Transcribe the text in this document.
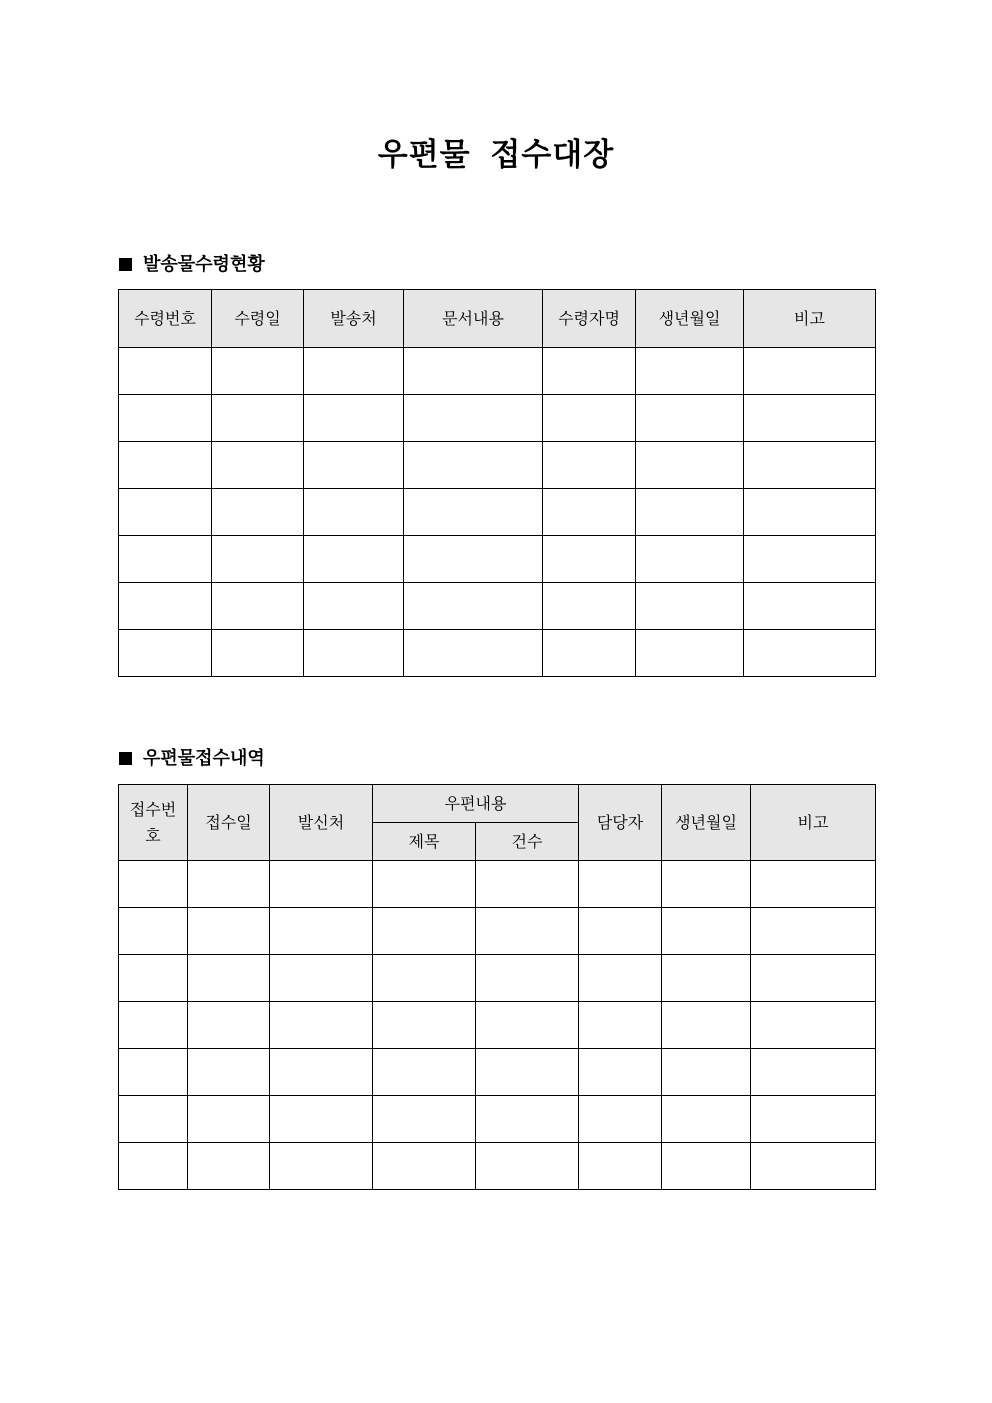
우편물 접수대장
발송물수령현황
수령번호	수령일	발송처	문서내용	수령자명	생년월일	비고

우편물접수내역
접수번호	접수일	발신처	우편내용		담당자	생년월일	비고
			제목	건수			
